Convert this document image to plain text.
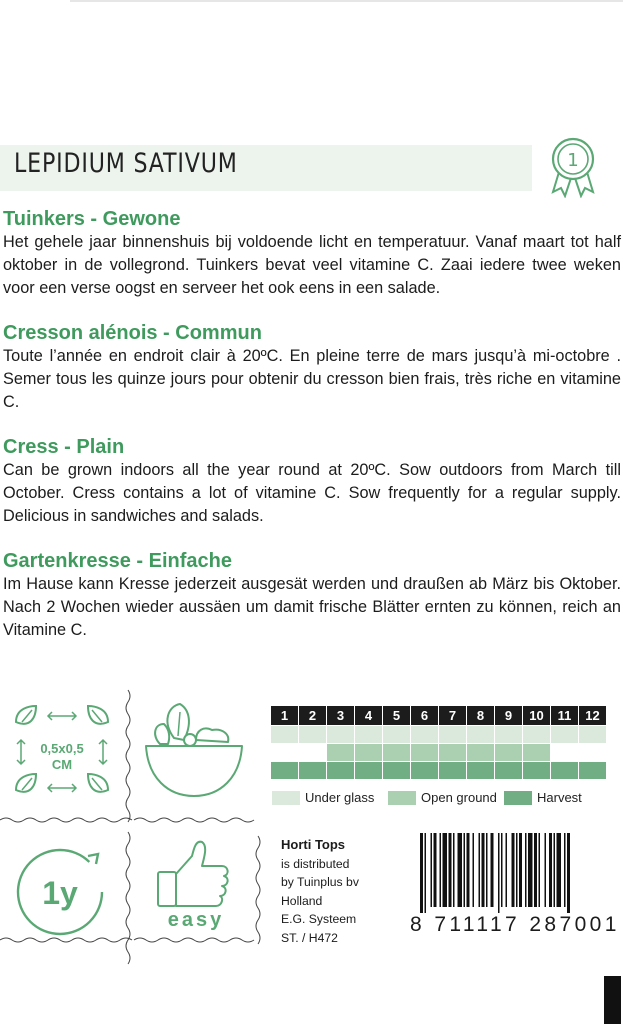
LEPIDIUM SATIVUM	1
Tuinkers - Gewone
Het gehele jaar binnenshuis bij voldoende licht en temperatuur. Vanaf maart tot half oktober in de vollegrond. Tuinkers bevat veel vitamine C. Zaai iedere twee weken voor een verse oogst en serveer het ook eens in een salade.
Cresson alénois - Commun
Toute l’année en endroit clair à 20ºC. En pleine terre de mars jusqu’à mi-octobre . Semer tous les quinze jours pour obtenir du cresson bien frais, très riche en vitamine C.
Cress - Plain
Can be grown indoors all the year round at 20ºC. Sow outdoors from March till October. Cress contains a lot of vitamine C. Sow frequently for a regular supply. Delicious in sandwiches and salads.
Gartenkresse - Einfache
Im Hause kann Kresse jederzeit ausgesät werden und draußen ab März bis Oktober. Nach 2 Wochen wieder aussäen um damit frische Blätter ernten zu können, reich an Vitamine C.
0,5x0,5
CM
1y
easy
1	2	3	4	5	6	7	8	9	10	11	12

Under glass	Open ground	Harvest
Horti Tops
is distributed
by Tuinplus bv
Holland
E.G. Systeem
ST. / H472
8 711117 287001
